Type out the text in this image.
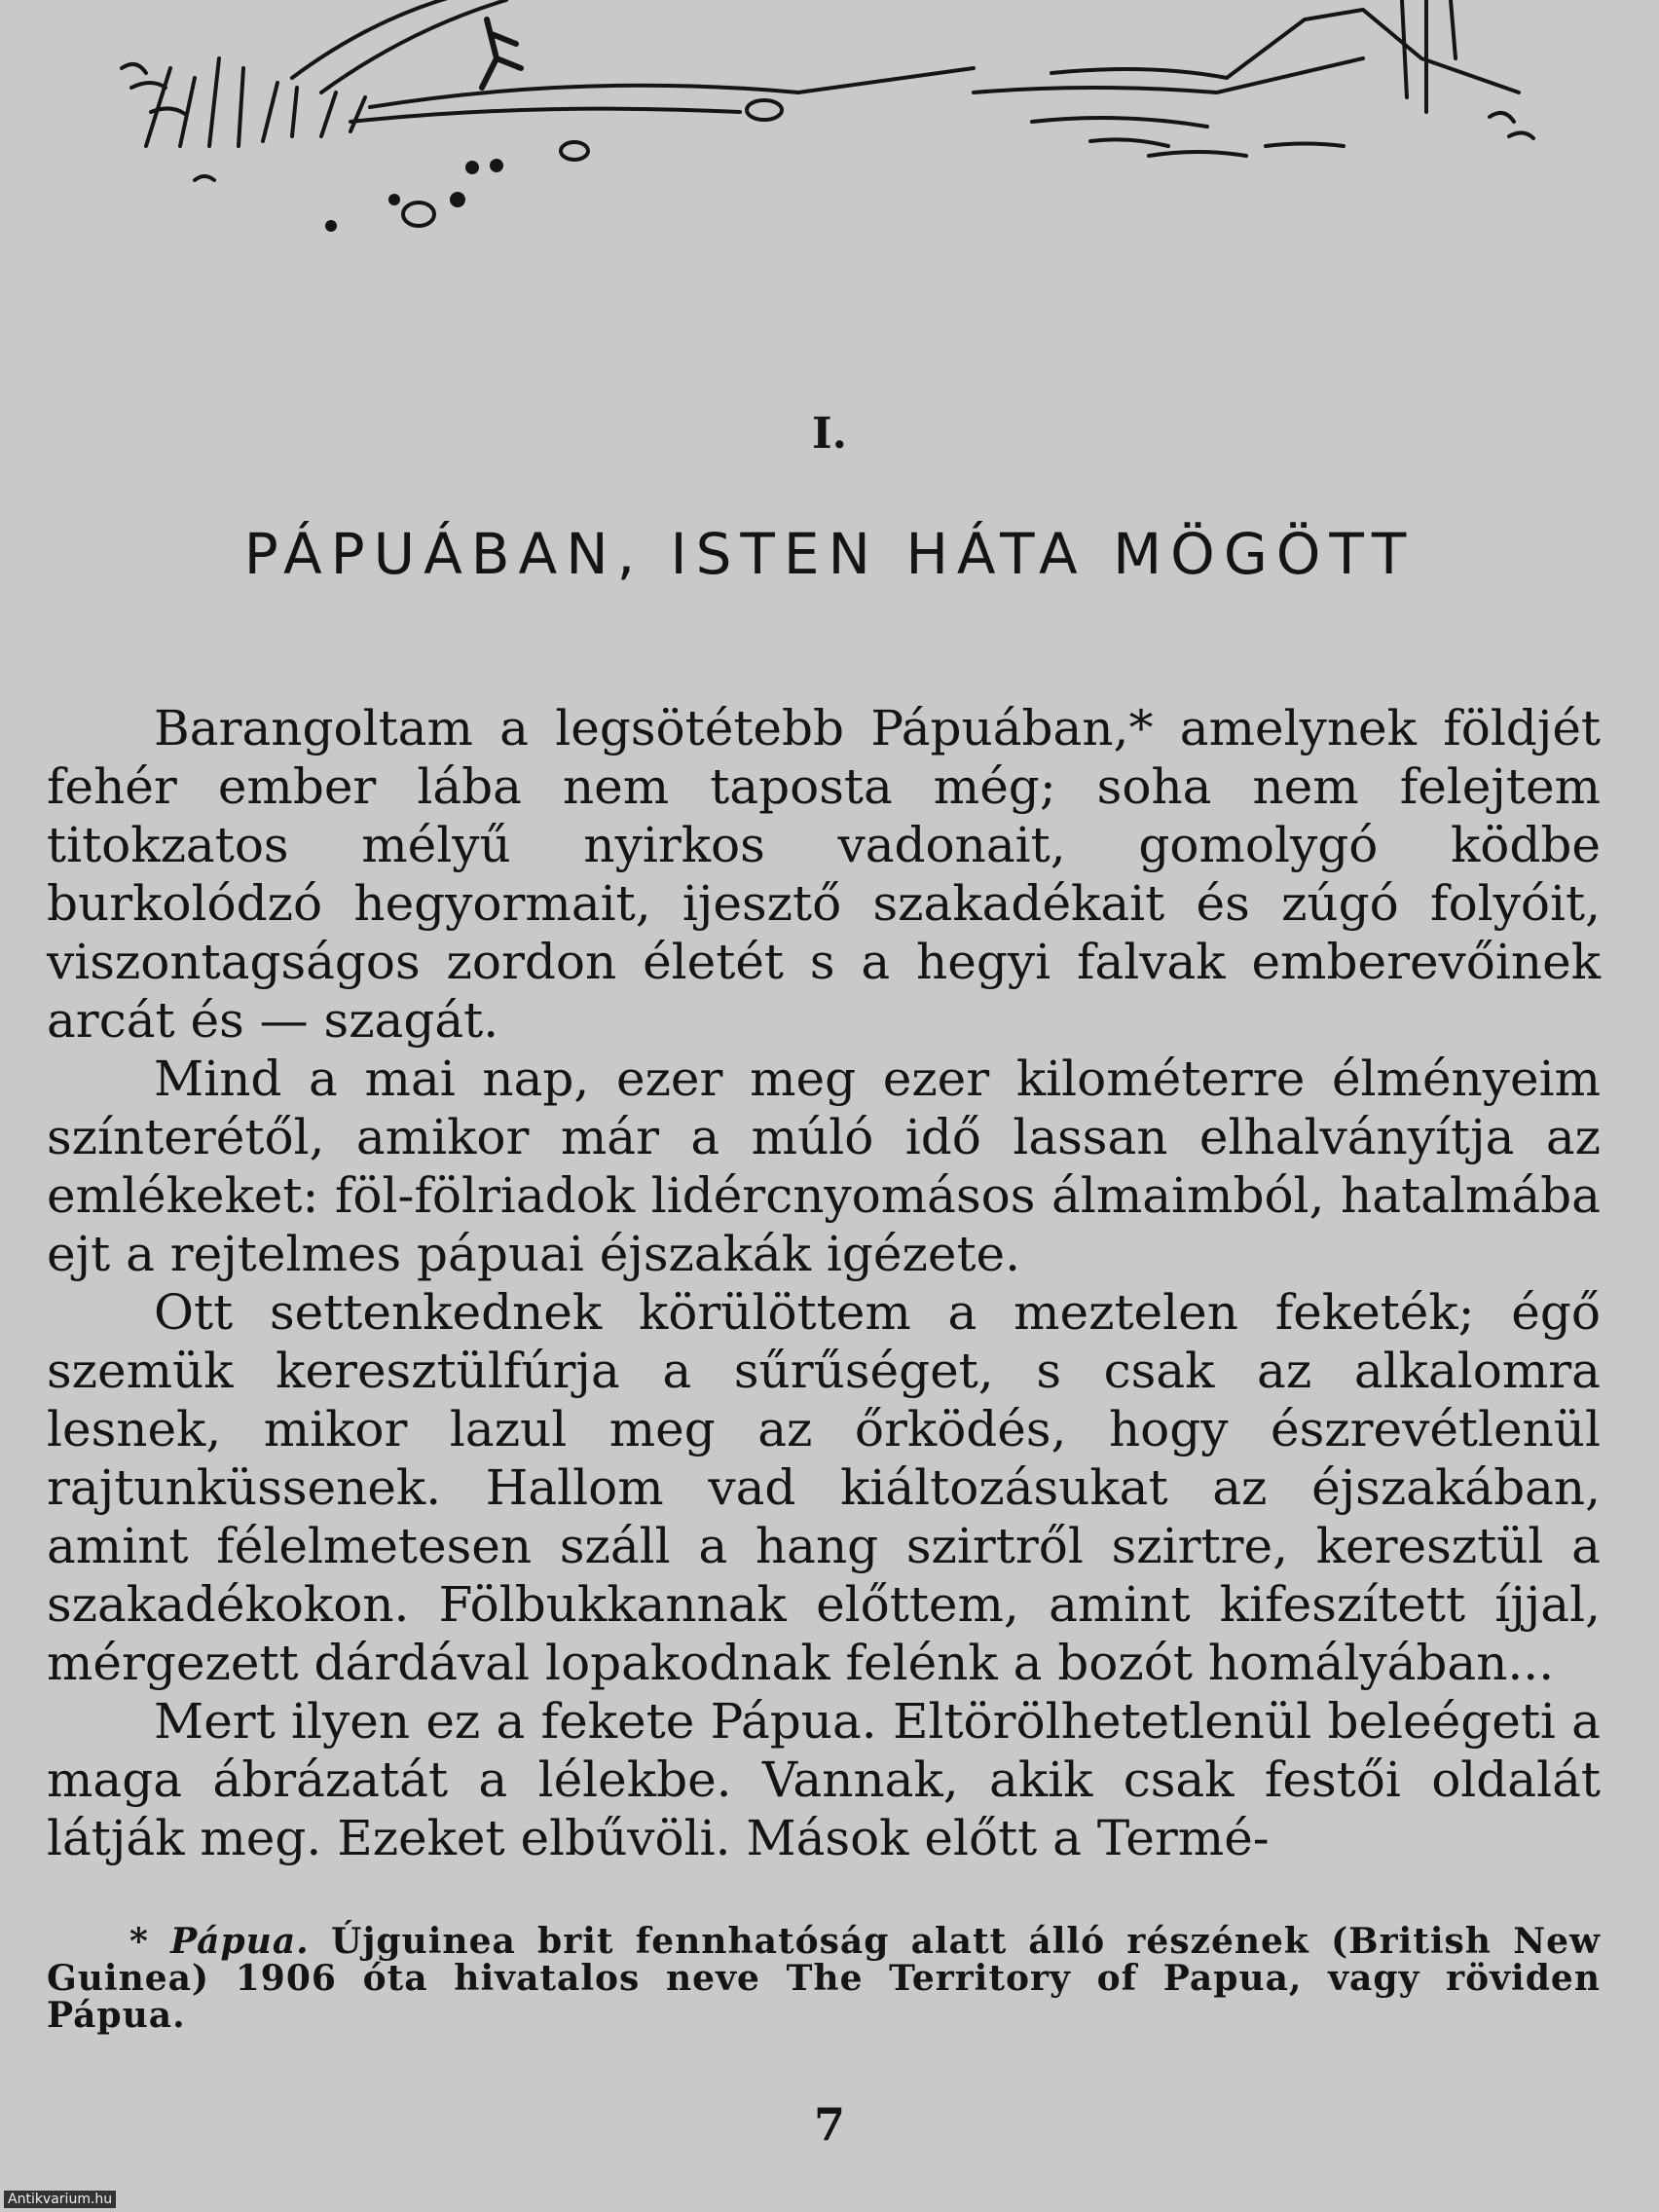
I.
PÁPUÁBAN, ISTEN HÁTA MÖGÖTT

Barangoltam a legsötétebb Pápuában,* amelynek földjét fehér ember lába nem taposta még; soha nem felejtem titokzatos mélyű nyirkos vadonait, gomolygó ködbe burkolódzó hegyormait, ijesztő szakadékait és zúgó folyóit, viszontagságos zordon életét s a hegyi falvak emberevőinek arcát és — szagát.

Mind a mai nap, ezer meg ezer kilométerre élményeim színterétől, amikor már a múló idő lassan elhalványítja az emlékeket: föl-fölriadok lidércnyomásos álmaimból, hatalmába ejt a rejtelmes pápuai éjszakák igézete.

Ott settenkednek körülöttem a meztelen feketék; égő szemük keresztülfúrja a sűrűséget, s csak az alkalomra lesnek, mikor lazul meg az őrködés, hogy észrevétlenül rajtunküssenek. Hallom vad kiáltozásukat az éjszakában, amint félelmetesen száll a hang szirtről szirtre, keresztül a szakadékokon. Fölbukkannak előttem, amint kifeszített íjjal, mérgezett dárdával lopakodnak felénk a bozót homályában...

Mert ilyen ez a fekete Pápua. Eltörölhetetlenül beleégeti a maga ábrázatát a lélekbe. Vannak, akik csak festői oldalát látják meg. Ezeket elbűvöli. Mások előtt a Termé-

* Pápua. Újguinea brit fennhatóság alatt álló részének (British New Guinea) 1906 óta hivatalos neve The Territory of Papua, vagy röviden Pápua.
7
Antikvarium.hu
